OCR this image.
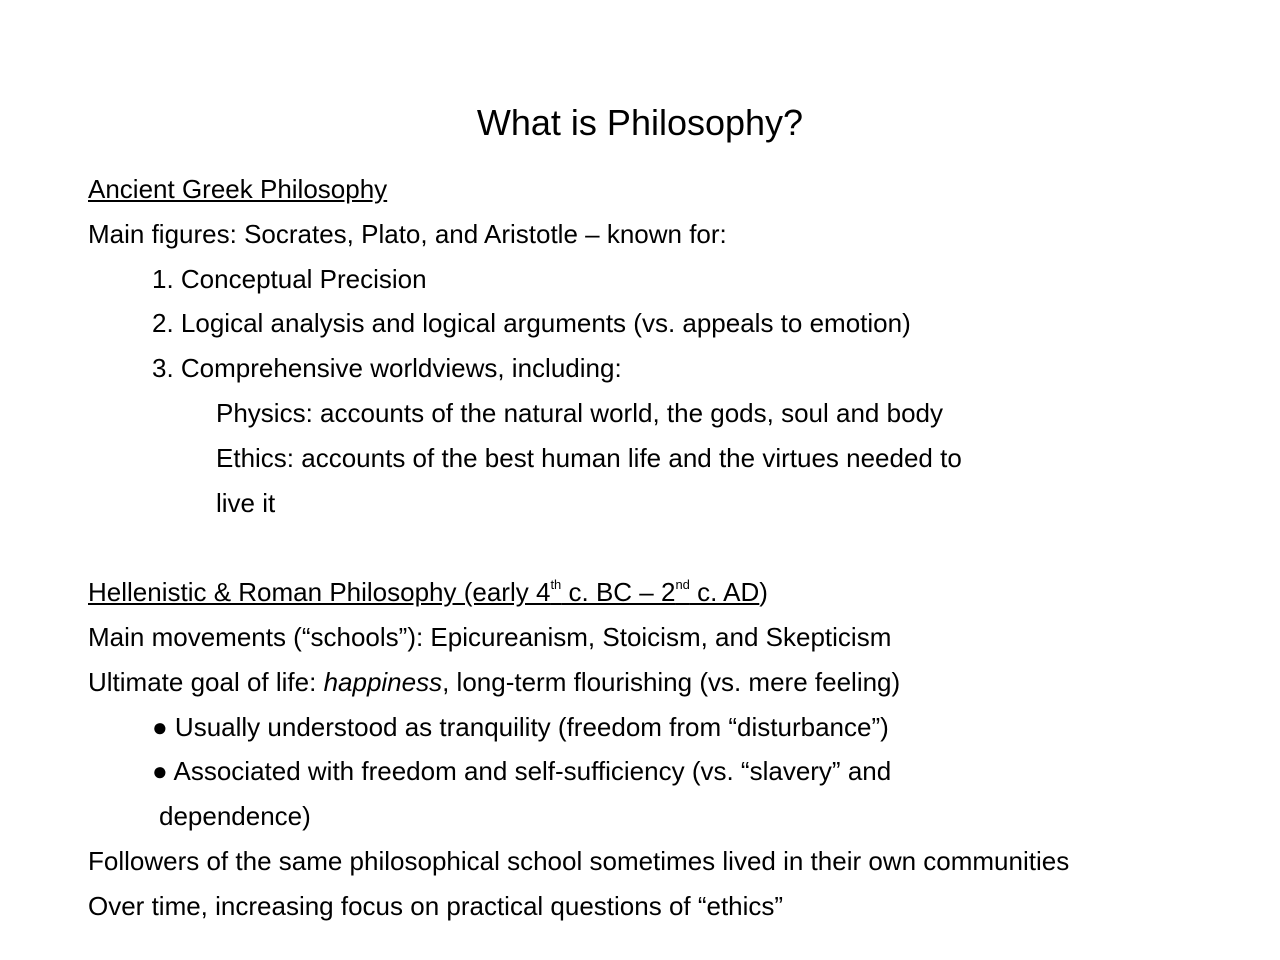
What is Philosophy?
Ancient Greek Philosophy
Main figures: Socrates, Plato, and Aristotle – known for:
1. Conceptual Precision
2. Logical analysis and logical arguments (vs. appeals to emotion)
3. Comprehensive worldviews, including:
Physics: accounts of the natural world, the gods, soul and body
Ethics: accounts of the best human life and the virtues needed to
live it
Hellenistic & Roman Philosophy (early 4th c. BC – 2nd c. AD)
Main movements (“schools”): Epicureanism, Stoicism, and Skepticism
Ultimate goal of life: happiness, long-term flourishing (vs. mere feeling)
● Usually understood as tranquility (freedom from “disturbance”)
● Associated with freedom and self-sufficiency (vs. “slavery” and
dependence)
Followers of the same philosophical school sometimes lived in their own communities
Over time, increasing focus on practical questions of “ethics”
